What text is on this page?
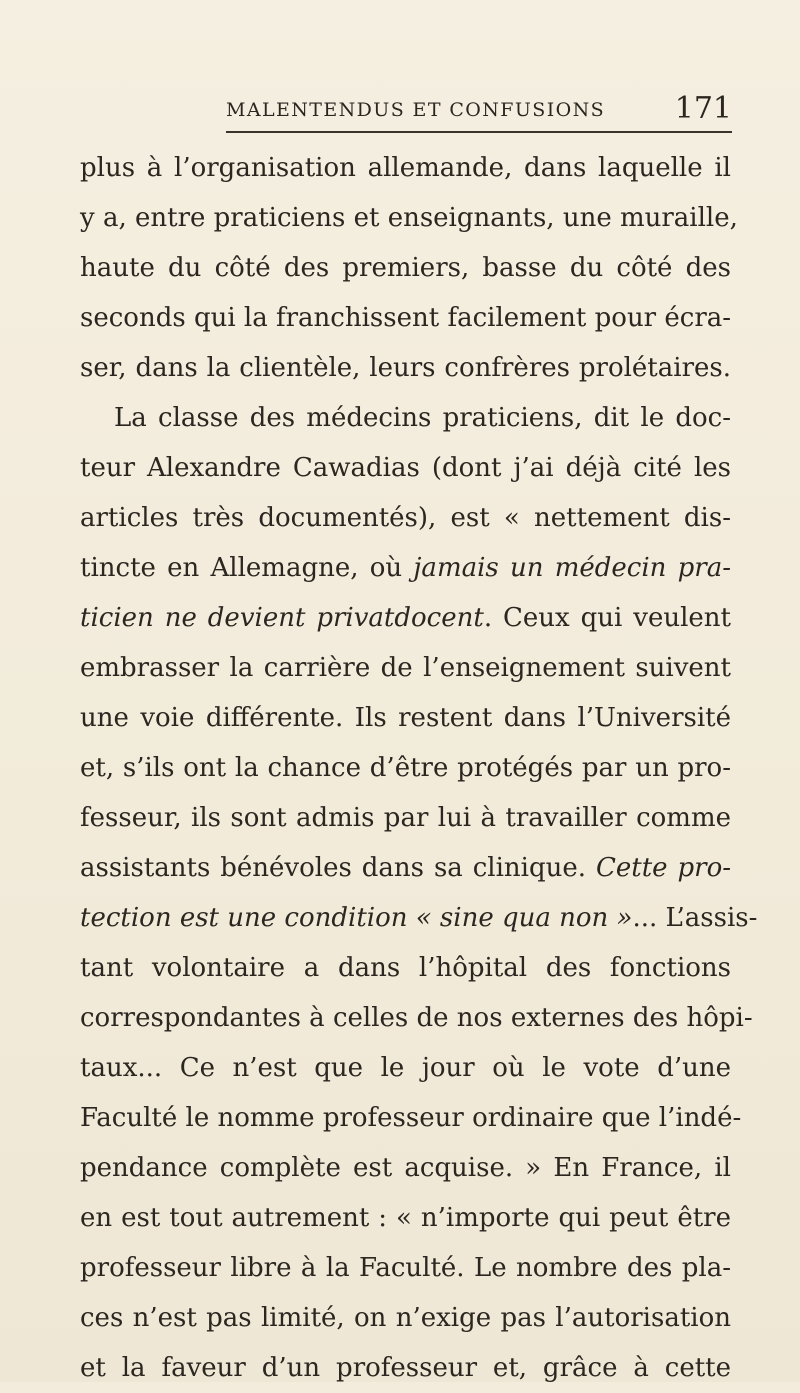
MALENTENDUS ET CONFUSIONS 171
plus à l’organisation allemande, dans laquelle il
y a, entre praticiens et enseignants, une muraille,
haute du côté des premiers, basse du côté des
seconds qui la franchissent facilement pour écra-
ser, dans la clientèle, leurs confrères prolétaires.
La classe des médecins praticiens, dit le doc-
teur Alexandre Cawadias (dont j’ai déjà cité les
articles très documentés), est « nettement dis-
tincte en Allemagne, où jamais un médecin pra-
ticien ne devient privatdocent. Ceux qui veulent
embrasser la carrière de l’enseignement suivent
une voie différente. Ils restent dans l’Université
et, s’ils ont la chance d’être protégés par un pro-
fesseur, ils sont admis par lui à travailler comme
assistants bénévoles dans sa clinique. Cette pro-
tection est une condition « sine qua non »... L’assis-
tant volontaire a dans l’hôpital des fonctions
correspondantes à celles de nos externes des hôpi-
taux... Ce n’est que le jour où le vote d’une
Faculté le nomme professeur ordinaire que l’indé-
pendance complète est acquise. » En France, il
en est tout autrement : « n’importe qui peut être
professeur libre à la Faculté. Le nombre des pla-
ces n’est pas limité, on n’exige pas l’autorisation
et la faveur d’un professeur et, grâce à cette
